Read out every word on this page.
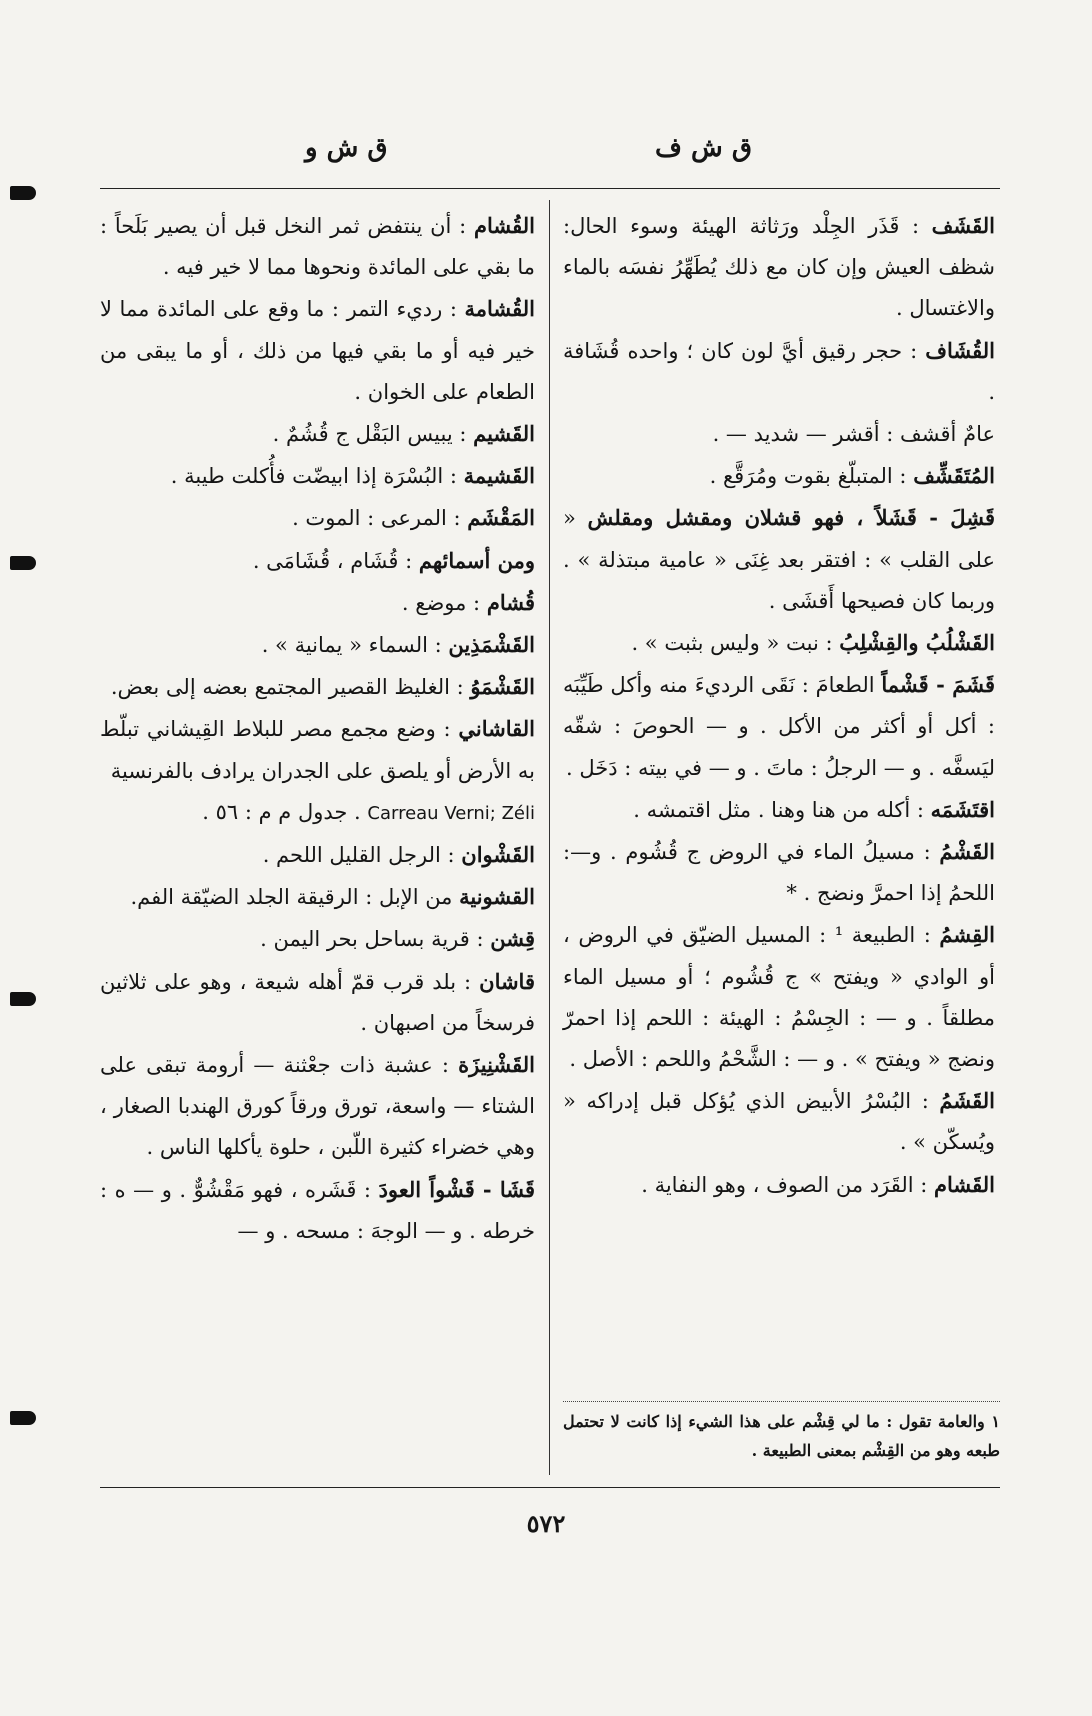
ق ش ف
ق ش و

القَشَف : قَذَر الجِلْد ورَثاثة الهيئة وسوء الحال: شظف العيش وإن كان مع ذلك يُطَهِّرُ نفسَه بالماء والاغتسال .

القُشَاف : حجر رقيق أيَّ لون كان ؛ واحده قُشَافة .

عامٌ أقشف : أقشر — شديد — .

المُتَقَشِّف : المتبلّغ بقوت ومُرَقَّع .

قَشِلَ - قَشَلاً ، فهو قشلان ومقشل ومقلش « على القلب » : افتقر بعد غِنَى « عامية مبتذلة » . وربما كان فصيحها أَقشَى .

القَشْلُبُ والقِشْلِبُ : نبت « وليس بثبت » .

قَشَمَ - قَشْماً الطعامَ : نَقَى الرديءَ منه وأكل طَيِّبَه : أكل أو أكثر من الأكل . و — الحوصَ : شقّه ليَسفَّه . و — الرجلُ : ماتَ . و — في بيته : دَخَل .

اقتَشَمَه : أكله من هنا وهنا . مثل اقتمشه .

القَشْمُ : مسيلُ الماء في الروض ج قُشُوم . و—: اللحمُ إذا احمرَّ ونضج . *

القِشمُ : الطبيعة ¹ : المسيل الضيّق في الروض ، أو الوادي « ويفتح » ج قُشُوم ؛ أو مسيل الماء مطلقاً . و — : الجِسْمُ : الهيئة : اللحم إذا احمرّ ونضج « ويفتح » . و — : الشَّحْمُ واللحم : الأصل .

القَشَمُ : البُسْرُ الأبيض الذي يُؤكل قبل إدراكه « ويُسكّن » .

القَشام : القَرَد من الصوف ، وهو النفاية .

القُشام : أن ينتفض ثمر النخل قبل أن يصير بَلَحاً : ما بقي على المائدة ونحوها مما لا خير فيه .

القُشامة : رديء التمر : ما وقع على المائدة مما لا خير فيه أو ما بقي فيها من ذلك ، أو ما يبقى من الطعام على الخوان .

القَشيم : يبيس البَقْل ج قُشُمٌ .

القَشيمة : البُسْرَة إذا ابيضّت فأُكلت طيبة .

المَقْشَم : المرعى : الموت .

ومن أسمائهم : قُشَام ، قُشَامَى .

قُشام : موضع .

القَشْمَذِين : السماء « يمانية » .

القَشْمَوُ : الغليظ القصير المجتمع بعضه إلى بعض.

القاشاني : وضع مجمع مصر للبلاط القِيشاني تبلّط به الأرض أو يلصق على الجدران يرادف بالفرنسية

Carreau Verni; Zéli . جدول م م : ٥٦ .

القَشْوان : الرجل القليل اللحم .

القشونية من الإبل : الرقيقة الجلد الضيّقة الفم.

قِشن : قرية بساحل بحر اليمن .

قاشان : بلد قرب قمّ أهله شيعة ، وهو على ثلاثين فرسخاً من اصبهان .

القَشْنِيزَة : عشبة ذات جعْثنة — أرومة تبقى على الشتاء — واسعة، تورق ورقاً كورق الهندبا الصغار ، وهي خضراء كثيرة اللّبن ، حلوة يأكلها الناس .

قَشَا - قَشْواً العودَ : قَشَره ، فهو مَقْشُوٌّ . و — ه : خرطه . و — الوجهَ : مسحه . و —

١ والعامة تقول : ما لي قِشْم على هذا الشيء إذا كانت لا تحتمل طبعه وهو من القِشْم بمعنى الطبيعة .
٥٧٢
